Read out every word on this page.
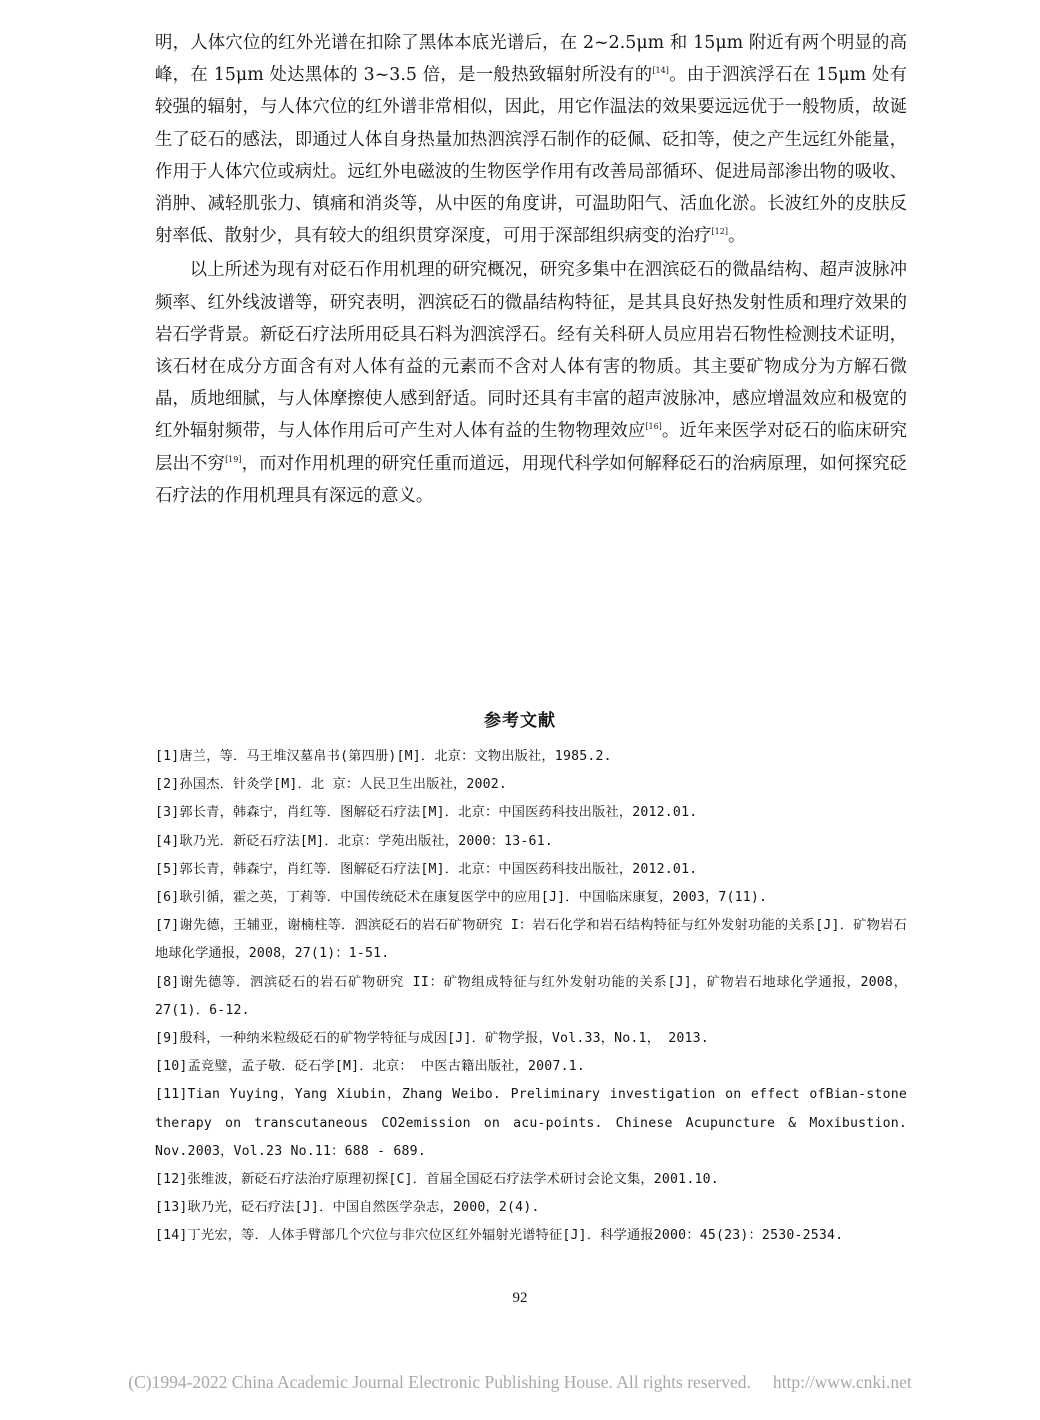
明，人体穴位的红外光谱在扣除了黑体本底光谱后，在 2~2.5μm 和 15μm 附近有两个明显的高峰，在 15μm 处达黑体的 3~3.5 倍，是一般热致辐射所没有的[14]。由于泗滨浮石在 15μm 处有较强的辐射，与人体穴位的红外谱非常相似，因此，用它作温法的效果要远远优于一般物质，故诞生了砭石的感法，即通过人体自身热量加热泗滨浮石制作的砭佩、砭扣等，使之产生远红外能量，作用于人体穴位或病灶。远红外电磁波的生物医学作用有改善局部循环、促进局部渗出物的吸收、消肿、减轻肌张力、镇痛和消炎等，从中医的角度讲，可温助阳气、活血化淤。长波红外的皮肤反射率低、散射少，具有较大的组织贯穿深度，可用于深部组织病变的治疗[12]。

以上所述为现有对砭石作用机理的研究概况，研究多集中在泗滨砭石的微晶结构、超声波脉冲频率、红外线波谱等，研究表明，泗滨砭石的微晶结构特征，是其具良好热发射性质和理疗效果的岩石学背景。新砭石疗法所用砭具石料为泗滨浮石。经有关科研人员应用岩石物性检测技术证明，该石材在成分方面含有对人体有益的元素而不含对人体有害的物质。其主要矿物成分为方解石微晶，质地细腻，与人体摩擦使人感到舒适。同时还具有丰富的超声波脉冲，感应增温效应和极宽的红外辐射频带，与人体作用后可产生对人体有益的生物物理效应[16]。近年来医学对砭石的临床研究层出不穷[19]，而对作用机理的研究任重而道远，用现代科学如何解释砭石的治病原理，如何探究砭石疗法的作用机理具有深远的意义。

参考文献
[1]唐兰，等．马王堆汉墓帛书(第四册)[M]．北京：文物出版社，1985.2.
[2]孙国杰．针灸学[M]．北 京：人民卫生出版社，2002.
[3]郭长青，韩森宁，肖红等．图解砭石疗法[M]．北京：中国医药科技出版社，2012.01.
[4]耿乃光．新砭石疗法[M]．北京：学苑出版社，2000：13-61.
[5]郭长青，韩森宁，肖红等．图解砭石疗法[M]．北京：中国医药科技出版社，2012.01.
[6]耿引循，霍之英，丁莉等．中国传统砭术在康复医学中的应用[J]．中国临床康复，2003，7(11).
[7]谢先德，王辅亚，谢楠柱等．泗滨砭石的岩石矿物研究 I：岩石化学和岩石结构特征与红外发射功能的关系[J]．矿物岩石地球化学通报，2008，27(1)：1-51.
[8]谢先德等．泗滨砭石的岩石矿物研究 II：矿物组成特征与红外发射功能的关系[J]，矿物岩石地球化学通报，2008，27(1)．6-12.
[9]殷科，一种纳米粒级砭石的矿物学特征与成因[J]．矿物学报，Vol.33，No.1， 2013.
[10]孟竞璧，孟子敬．砭石学[M]．北京： 中医古籍出版社，2007.1.
[11]Tian Yuying，Yang Xiubin，Zhang Weibo. Preliminary investigation on effect ofBian-stone therapy on transcutaneous CO2emission on acu-points. Chinese Acupuncture & Moxibustion. Nov.2003，Vol.23 No.11：688 - 689.
[12]张维波，新砭石疗法治疗原理初探[C]．首届全国砭石疗法学术研讨会论文集，2001.10.
[13]耿乃光，砭石疗法[J]．中国自然医学杂志，2000，2(4).
[14]丁光宏，等．人体手臂部几个穴位与非穴位区红外辐射光谱特征[J]．科学通报2000：45(23)：2530-2534.
92
(C)1994-2022 China Academic Journal Electronic Publishing House. All rights reserved. http://www.cnki.net
